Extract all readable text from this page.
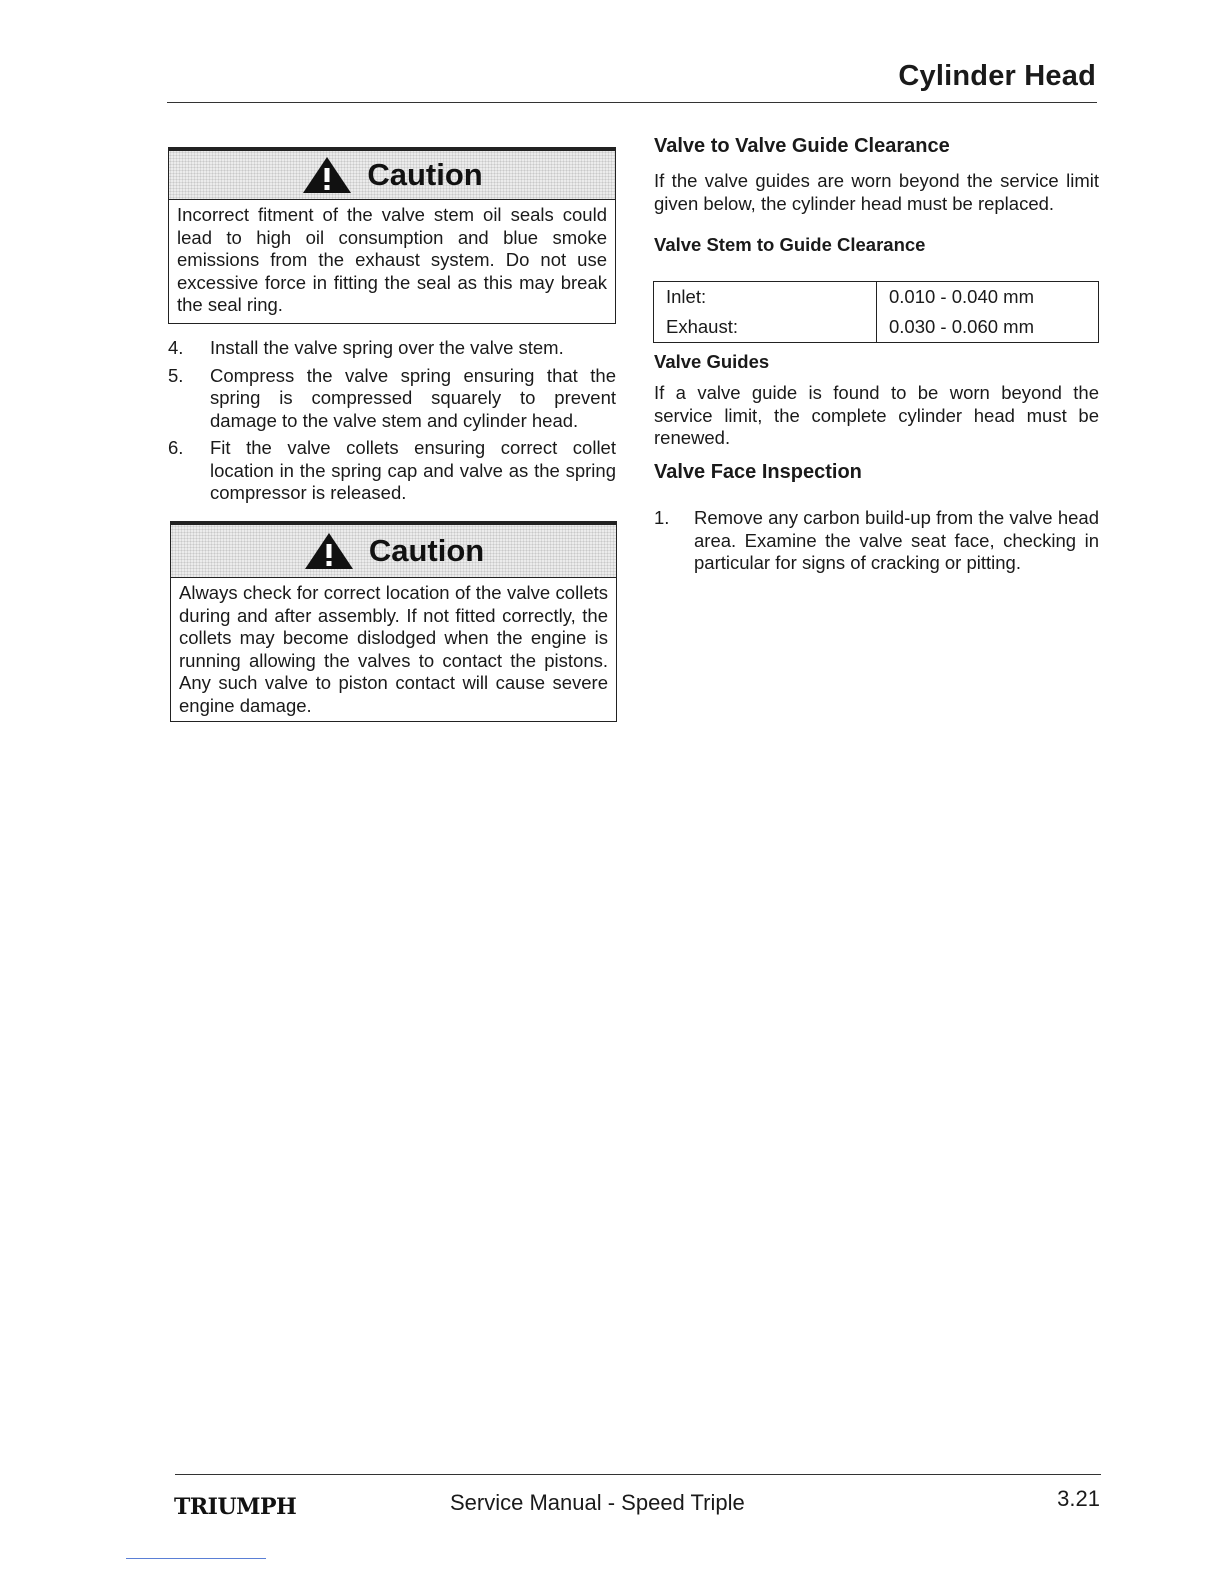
Cylinder Head
Caution
Incorrect fitment of the valve stem oil seals could lead to high oil consumption and blue smoke emissions from the exhaust system. Do not use excessive force in fitting the seal as this may break the seal ring.
4.	Install the valve spring over the valve stem.
5.	Compress the valve spring ensuring that the spring is compressed squarely to prevent damage to the valve stem and cylinder head.
6.	Fit the valve collets ensuring correct collet location in the spring cap and valve as the spring compressor is released.
Caution
Always check for correct location of the valve collets during and after assembly. If not fitted correctly, the collets may become dislodged when the engine is running allowing the valves to contact the pistons. Any such valve to piston contact will cause severe engine damage.
Valve to Valve Guide Clearance
If the valve guides are worn beyond the service limit given below, the cylinder head must be replaced.
Valve Stem to Guide Clearance
Inlet:	0.010 - 0.040 mm
Exhaust:	0.030 - 0.060 mm
Valve Guides
If a valve guide is found to be worn beyond the service limit, the complete cylinder head must be renewed.
Valve Face Inspection
1.	Remove any carbon build-up from the valve head area. Examine the valve seat face, checking in particular for signs of cracking or pitting.
TRIUMPH	Service Manual - Speed Triple	3.21
